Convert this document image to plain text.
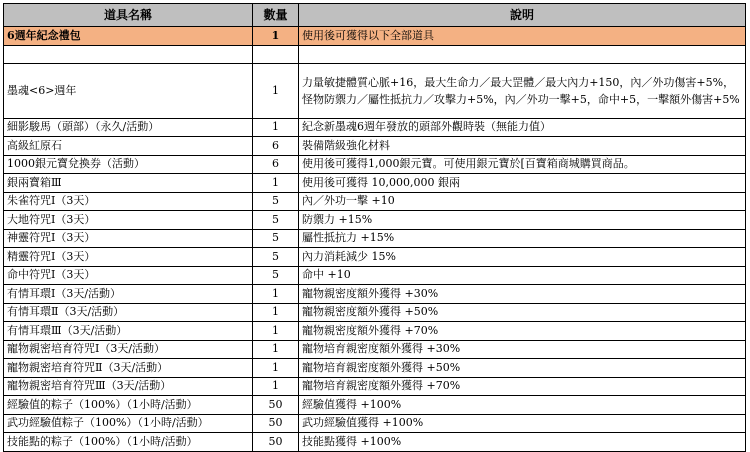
道具名稱	數量	說明
6週年紀念禮包	1	使用後可獲得以下全部道具

墨魂<6>週年	1	力量敏捷體質心脈+16，最大生命力／最大罡體／最大內力+150，內／外功傷害+5%，
怪物防禦力／屬性抵抗力／攻擊力+5%，內／外功一擊+5，命中+5，一擊額外傷害+5%

細影駿馬（頭部）（永久/活動）	1	紀念新墨魂6週年發放的頭部外觀時裝（無能力值）
高級紅原石	6	裝備階級強化材料
1000銀元寶兌換券（活動）	6	使用後可獲得1,000銀元寶。可使用銀元寶於[百寶箱商城購買商品。
銀兩寶箱Ⅲ	1	使用後可獲得 10,000,000 銀兩
朱雀符咒Ⅰ（3天）	5	內／外功一擊 +10
大地符咒Ⅰ（3天）	5	防禦力 +15%
神靈符咒Ⅰ（3天）	5	屬性抵抗力 +15%
精靈符咒Ⅰ（3天）	5	內力消耗減少 15%
命中符咒Ⅰ（3天）	5	命中 +10
有情耳環Ⅰ（3天/活動）	1	寵物親密度額外獲得 +30%
有情耳環Ⅱ（3天/活動）	1	寵物親密度額外獲得 +50%
有情耳環Ⅲ（3天/活動）	1	寵物親密度額外獲得 +70%
寵物親密培育符咒Ⅰ（3天/活動）	1	寵物培育親密度額外獲得 +30%
寵物親密培育符咒Ⅱ（3天/活動）	1	寵物培育親密度額外獲得 +50%
寵物親密培育符咒Ⅲ（3天/活動）	1	寵物培育親密度額外獲得 +70%
經驗值的粽子（100%）（1小時/活動）	50	經驗值獲得 +100%
武功經驗值粽子（100%）（1小時/活動）	50	武功經驗值獲得 +100%
技能點的粽子（100%）（1小時/活動）	50	技能點獲得 +100%
